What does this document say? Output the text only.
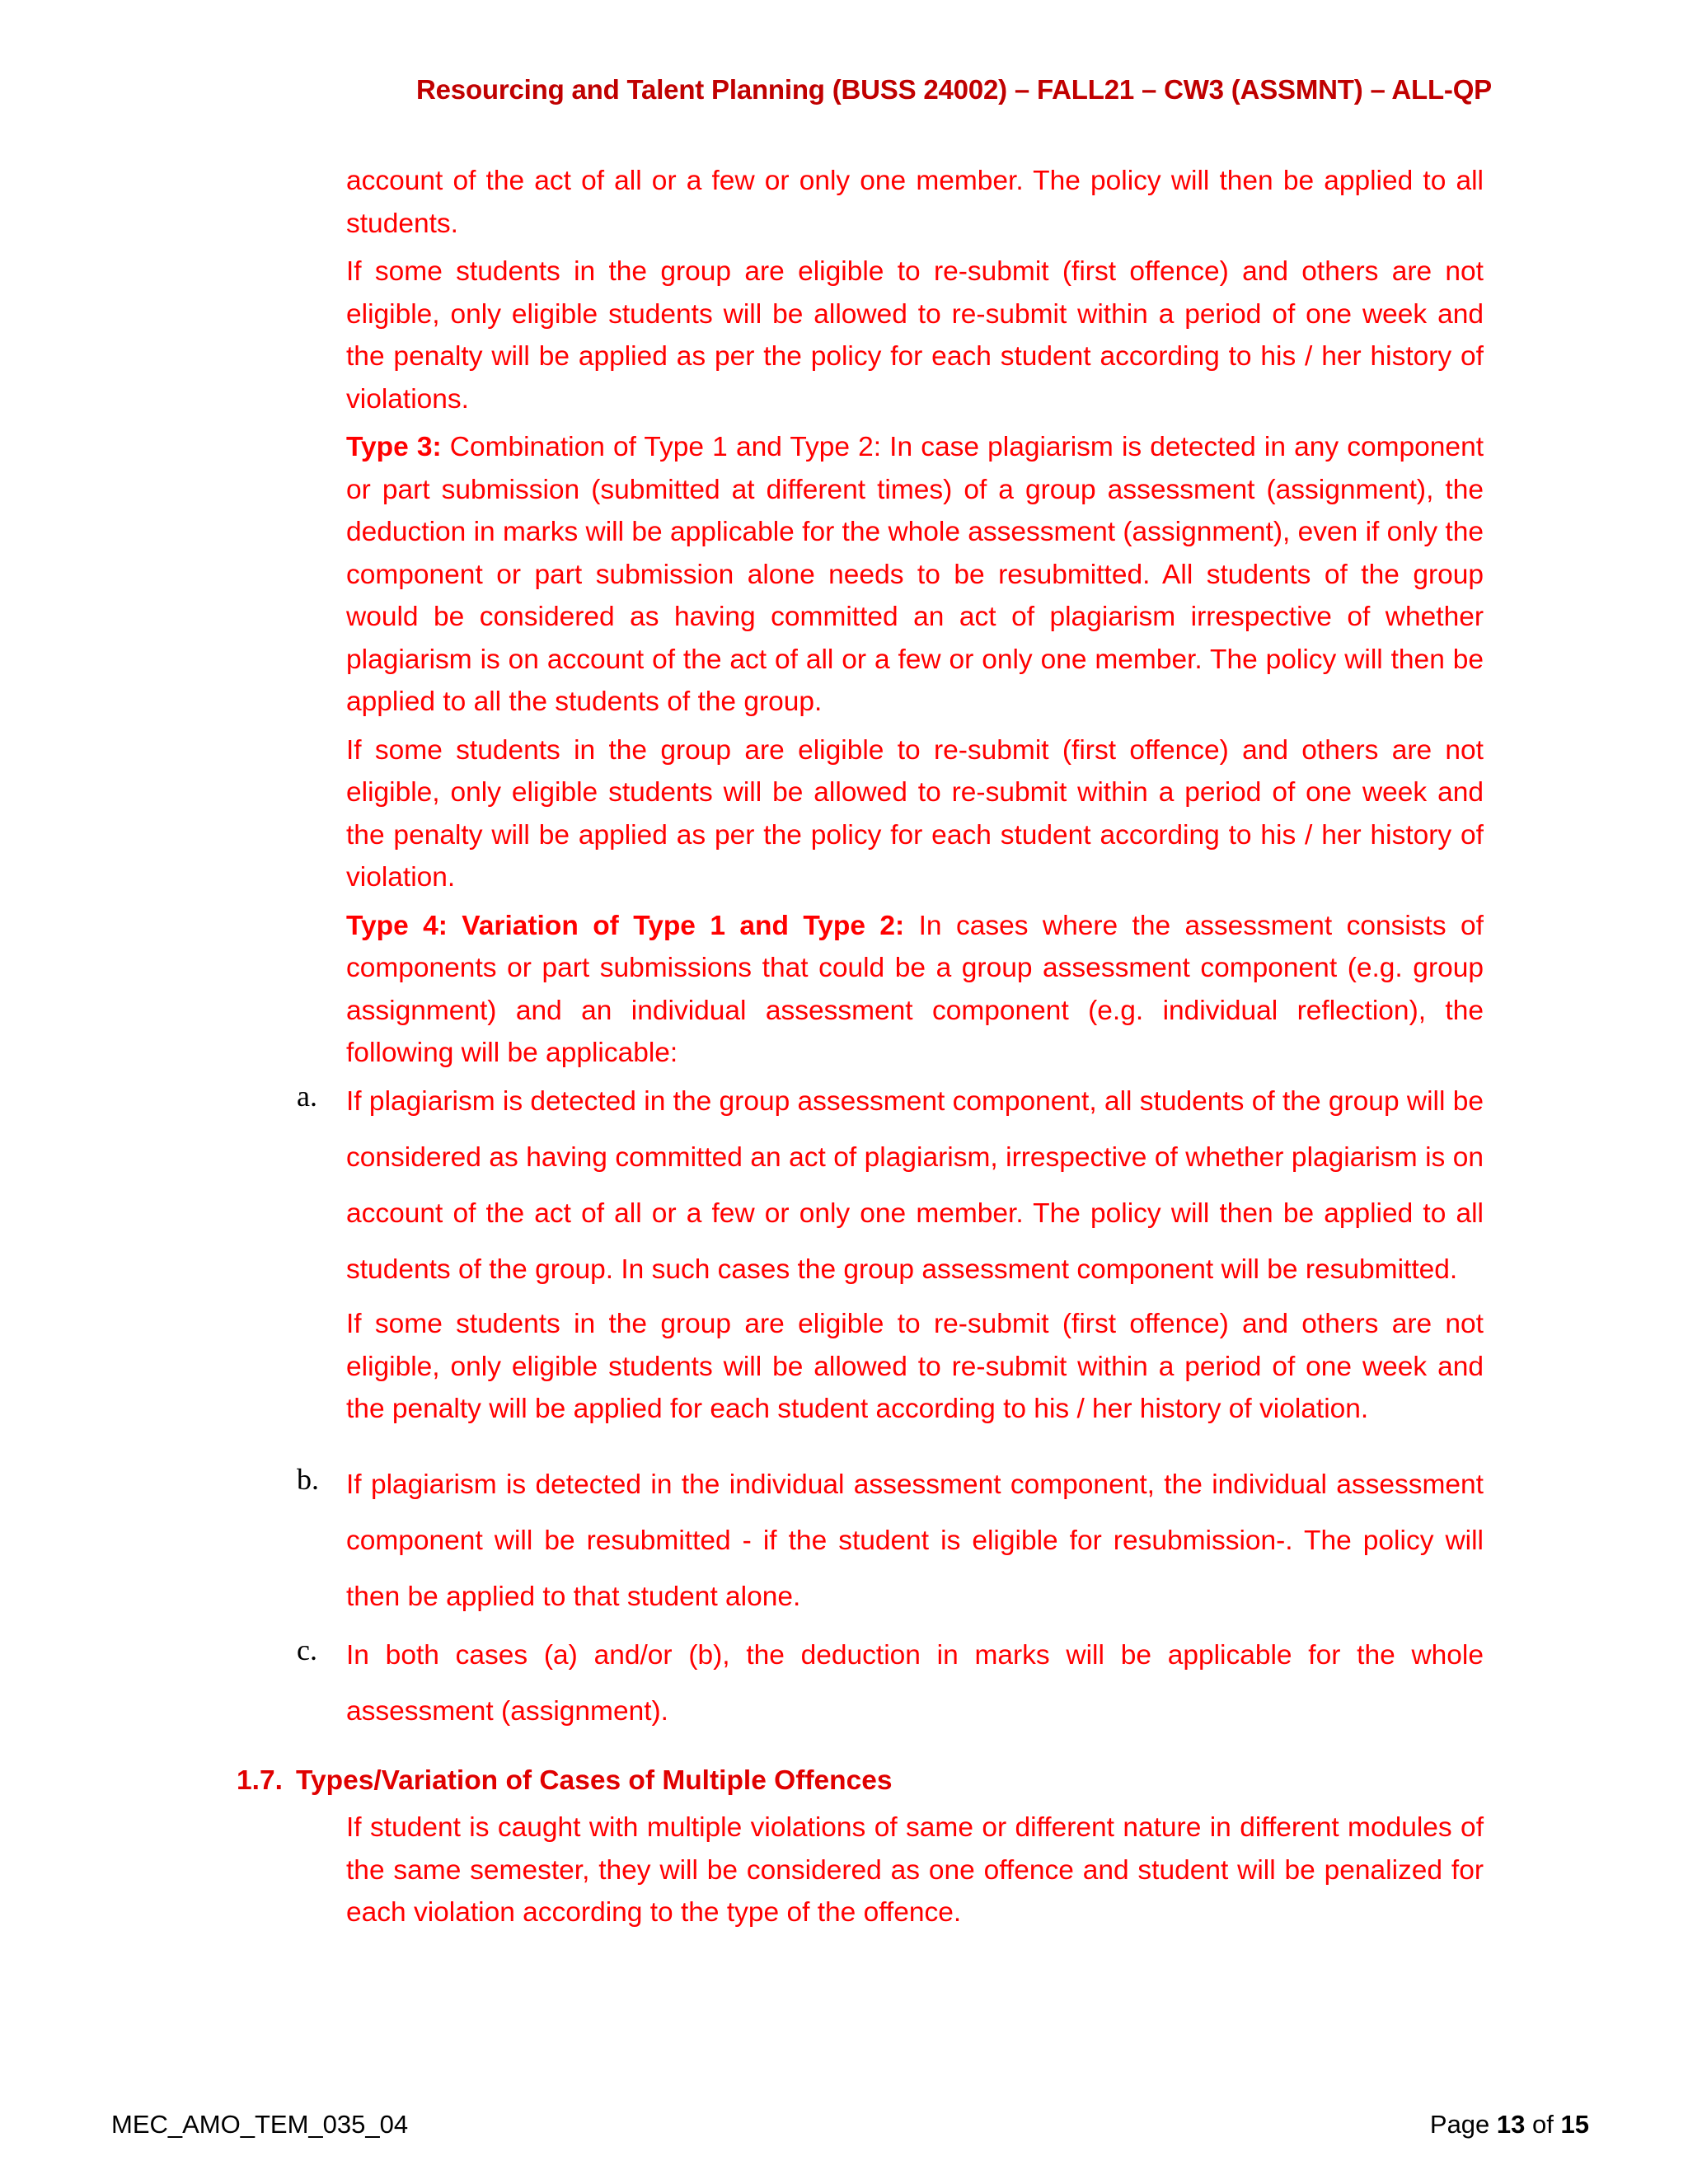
Resourcing and Talent Planning (BUSS 24002) – FALL21 – CW3 (ASSMNT) – ALL-QP

account of the act of all or a few or only one member. The policy will then be applied to all students.

If some students in the group are eligible to re-submit (first offence) and others are not eligible, only eligible students will be allowed to re-submit within a period of one week and the penalty will be applied as per the policy for each student according to his / her history of violations.

Type 3: Combination of Type 1 and Type 2: In case plagiarism is detected in any component or part submission (submitted at different times) of a group assessment (assignment), the deduction in marks will be applicable for the whole assessment (assignment), even if only the component or part submission alone needs to be resubmitted. All students of the group would be considered as having committed an act of plagiarism irrespective of whether plagiarism is on account of the act of all or a few or only one member. The policy will then be applied to all the students of the group.

If some students in the group are eligible to re-submit (first offence) and others are not eligible, only eligible students will be allowed to re-submit within a period of one week and the penalty will be applied as per the policy for each student according to his / her history of violation.

Type 4: Variation of Type 1 and Type 2: In cases where the assessment consists of components or part submissions that could be a group assessment component (e.g. group assignment) and an individual assessment component (e.g. individual reflection), the following will be applicable:

a.	If plagiarism is detected in the group assessment component, all students of the group will be considered as having committed an act of plagiarism, irrespective of whether plagiarism is on account of the act of all or a few or only one member. The policy will then be applied to all students of the group. In such cases the group assessment component will be resubmitted.
If some students in the group are eligible to re-submit (first offence) and others are not eligible, only eligible students will be allowed to re-submit within a period of one week and the penalty will be applied for each student according to his / her history of violation.
b. If plagiarism is detected in the individual assessment component, the individual assessment component will be resubmitted - if the student is eligible for resubmission-. The policy will then be applied to that student alone.
c.	In both cases (a) and/or (b), the deduction in marks will be applicable for the whole assessment (assignment).
1.7. Types/Variation of Cases of Multiple Offences

If student is caught with multiple violations of same or different nature in different modules of the same semester, they will be considered as one offence and student will be penalized for each violation according to the type of the offence.

MEC_AMO_TEM_035_04	Page 13 of 15
